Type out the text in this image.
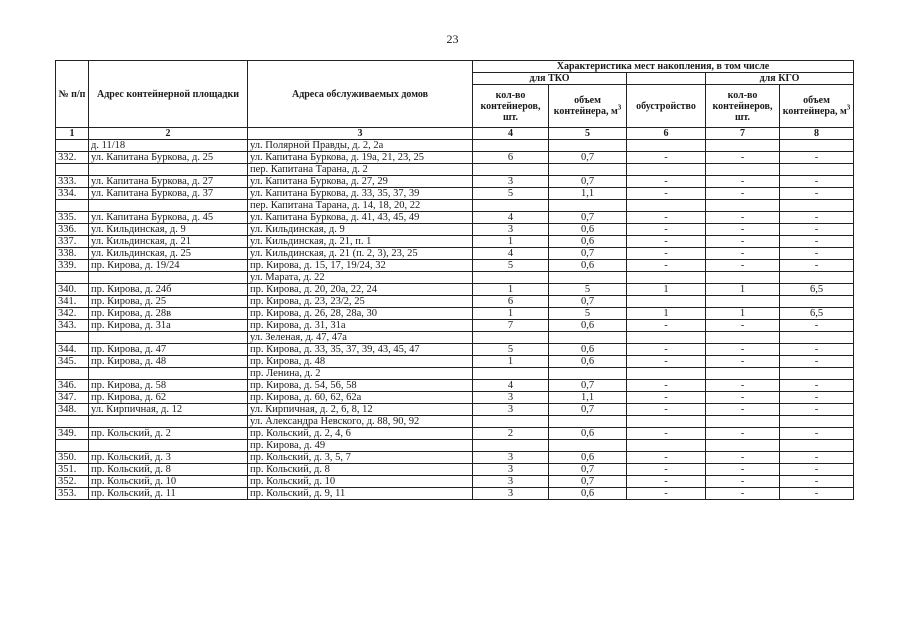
23
№ п/п	Адрес контейнерной площадки	Адреса обслуживаемых домов	Характеристика мест накопления, в том числе				
			для ТКО			для КГО	
			кол-во контейнеров, шт.	объем контейнера, $м^3$	обустройство	кол-во контейнеров, шт.	объем контейнера, $м^3$
1	2	3	4	5	6	7	8
	д. 11/18	ул. Полярной Правды, д. 2, 2а					
332.	ул. Капитана Буркова, д. 25	ул. Капитана Буркова, д. 19а, 21, 23, 25	6	0,7	-	-	-
		пер. Капитана Тарана, д. 2					
333.	ул. Капитана Буркова, д. 27	ул. Капитана Буркова, д. 27, 29	3	0,7	-	-	-
334.	ул. Капитана Буркова, д. 37	ул. Капитана Буркова, д. 33, 35, 37, 39	5	1,1	-	-	-
		пер. Капитана Тарана, д. 14, 18, 20, 22					
335.	ул. Капитана Буркова, д. 45	ул. Капитана Буркова, д. 41, 43, 45, 49	4	0,7	-	-	-
336.	ул. Кильдинская, д. 9	ул. Кильдинская, д. 9	3	0,6	-	-	-
337.	ул. Кильдинская, д. 21	ул. Кильдинская, д. 21, п. 1	1	0,6	-	-	-
338.	ул. Кильдинская, д. 25	ул. Кильдинская, д. 21 (п. 2, 3), 23, 25	4	0,7	-	-	-
339.	пр. Кирова, д. 19/24	пр. Кирова, д. 15, 17, 19/24, 32	5	0,6	-	-	-
		ул. Марата, д. 22					
340.	пр. Кирова, д. 24б	пр. Кирова, д. 20, 20а, 22, 24	1	5	1	1	6,5
341.	пр. Кирова, д. 25	пр. Кирова, д. 23, 23/2, 25	6	0,7			
342.	пр. Кирова, д. 28в	пр. Кирова, д. 26, 28, 28а, 30	1	5	1	1	6,5
343.	пр. Кирова, д. 31а	пр. Кирова, д. 31, 31а	7	0,6	-	-	-
		ул. Зеленая, д. 47, 47а					
344.	пр. Кирова, д. 47	пр. Кирова, д. 33, 35, 37, 39, 43, 45, 47	5	0,6	-	-	-
345.	пр. Кирова, д. 48	пр. Кирова, д. 48	1	0,6	-	-	-
		пр. Ленина, д. 2					
346.	пр. Кирова, д. 58	пр. Кирова, д. 54, 56, 58	4	0,7	-	-	-
347.	пр. Кирова, д. 62	пр. Кирова, д. 60, 62, 62а	3	1,1	-	-	-
348.	ул. Кирпичная, д. 12	ул. Кирпичная, д. 2, 6, 8, 12	3	0,7	-	-	-
		ул. Александра Невского, д. 88, 90, 92					
349.	пр. Кольский, д. 2	пр. Кольский, д. 2, 4, 6	2	0,6	-	-	-
		пр. Кирова, д. 49					
350.	пр. Кольский, д. 3	пр. Кольский, д. 3, 5, 7	3	0,6	-	-	-
351.	пр. Кольский, д. 8	пр. Кольский, д. 8	3	0,7	-	-	-
352.	пр. Кольский, д. 10	пр. Кольский, д. 10	3	0,7	-	-	-
353.	пр. Кольский, д. 11	пр. Кольский, д. 9, 11	3	0,6	-	-	-
